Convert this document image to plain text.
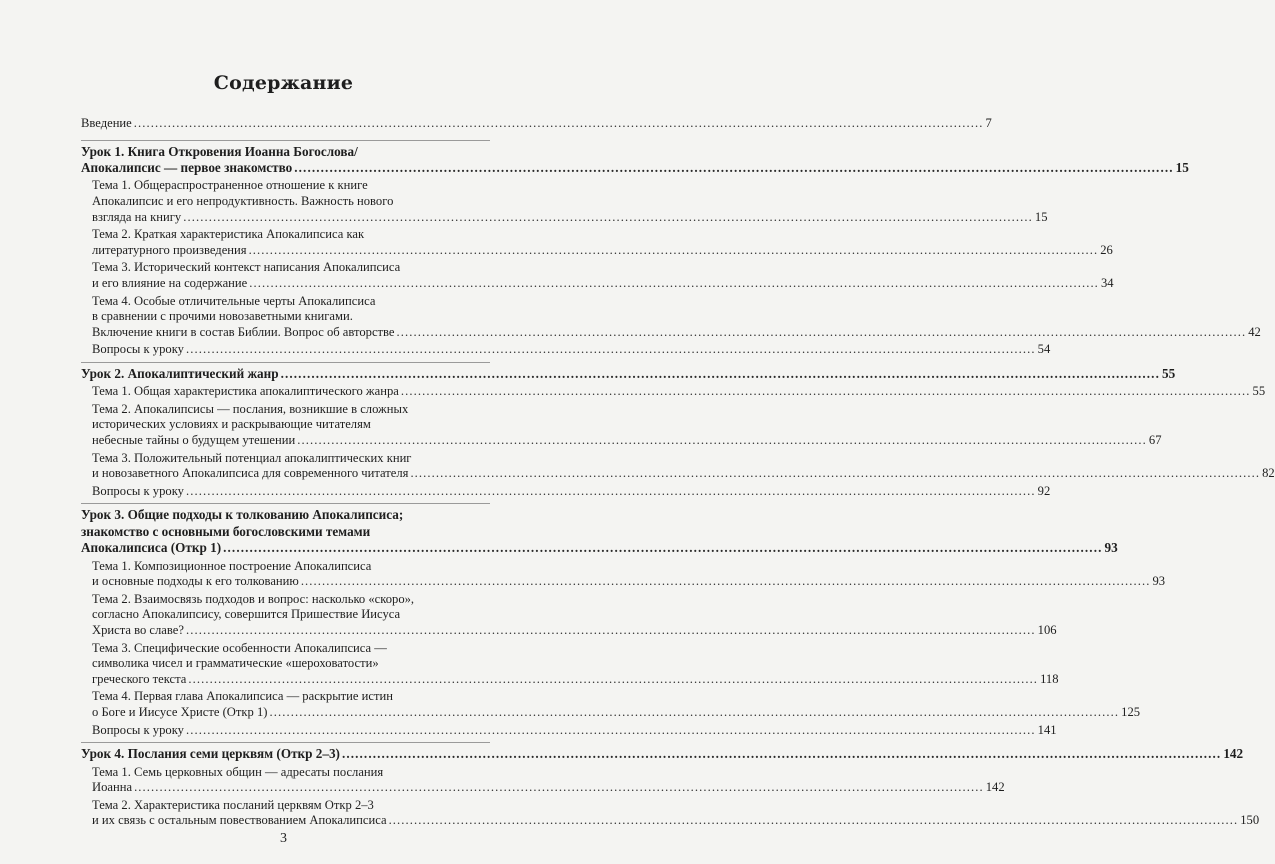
Содержание
Введение ........................................................................................................................................................................................................ 7
Урок 1. Книга Откровения Иоанна Богослова/
Апокалипсис — первое знакомство ........................................................................................................................................................................................................ 15
Тема 1. Общераспространенное отношение к книге
Апокалипсис и его непродуктивность. Важность нового
взгляда на книгу ........................................................................................................................................................................................................ 15
Тема 2. Краткая характеристика Апокалипсиса как
литературного произведения ........................................................................................................................................................................................................ 26
Тема 3. Исторический контекст написания Апокалипсиса
и его влияние на содержание ........................................................................................................................................................................................................ 34
Тема 4. Особые отличительные черты Апокалипсиса
в сравнении с прочими новозаветными книгами.
Включение книги в состав Библии. Вопрос об авторстве ........................................................................................................................................................................................................ 42
Вопросы к уроку ........................................................................................................................................................................................................ 54
Урок 2. Апокалиптический жанр ........................................................................................................................................................................................................ 55
Тема 1. Общая характеристика апокалиптического жанра ........................................................................................................................................................................................................ 55
Тема 2. Апокалипсисы — послания, возникшие в сложных
исторических условиях и раскрывающие читателям
небесные тайны о будущем утешении ........................................................................................................................................................................................................ 67
Тема 3. Положительный потенциал апокалиптических книг
и новозаветного Апокалипсиса для современного читателя ........................................................................................................................................................................................................ 82
Вопросы к уроку ........................................................................................................................................................................................................ 92
Урок 3. Общие подходы к толкованию Апокалипсиса;
знакомство с основными богословскими темами
Апокалипсиса (Откр 1) ........................................................................................................................................................................................................ 93
Тема 1. Композиционное построение Апокалипсиса
и основные подходы к его толкованию ........................................................................................................................................................................................................ 93
Тема 2. Взаимосвязь подходов и вопрос: насколько «скоро»,
согласно Апокалипсису, совершится Пришествие Иисуса
Христа во славе? ........................................................................................................................................................................................................ 106
Тема 3. Специфические особенности Апокалипсиса —
символика чисел и грамматические «шероховатости»
греческого текста ........................................................................................................................................................................................................ 118
Тема 4. Первая глава Апокалипсиса — раскрытие истин
о Боге и Иисусе Христе (Откр 1) ........................................................................................................................................................................................................ 125
Вопросы к уроку ........................................................................................................................................................................................................ 141
Урок 4. Послания семи церквям (Откр 2–3) ........................................................................................................................................................................................................ 142
Тема 1. Семь церковных общин — адресаты послания
Иоанна ........................................................................................................................................................................................................ 142
Тема 2. Характеристика посланий церквям Откр 2–3
и их связь с остальным повествованием Апокалипсиса ........................................................................................................................................................................................................ 150
3
